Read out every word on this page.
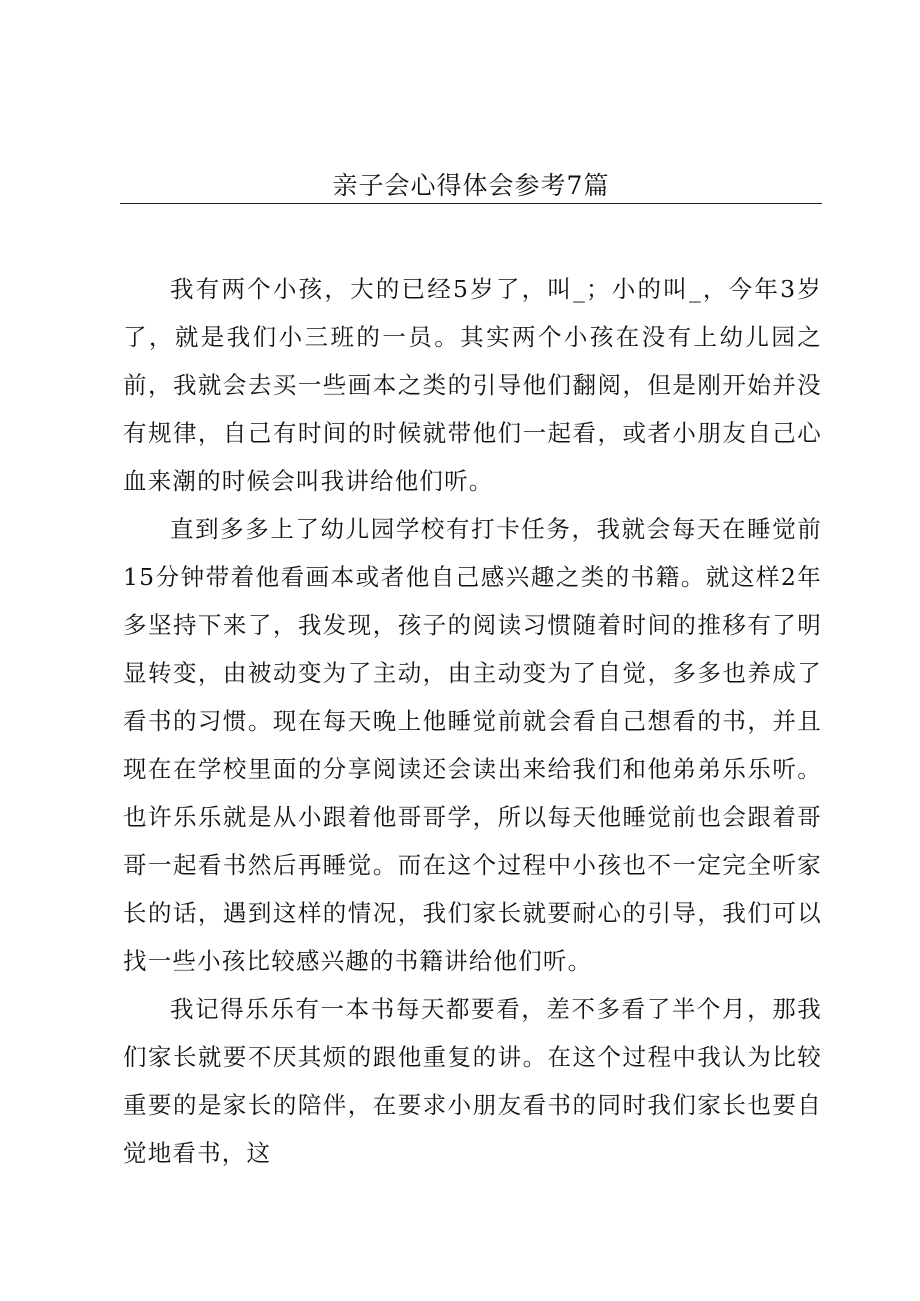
亲子会心得体会参考7篇

我有两个小孩，大的已经5岁了，叫_；小的叫_，今年3岁了，就是我们小三班的一员。其实两个小孩在没有上幼儿园之前，我就会去买一些画本之类的引导他们翻阅，但是刚开始并没有规律，自己有时间的时候就带他们一起看，或者小朋友自己心血来潮的时候会叫我讲给他们听。

直到多多上了幼儿园学校有打卡任务，我就会每天在睡觉前15分钟带着他看画本或者他自己感兴趣之类的书籍。就这样2年多坚持下来了，我发现，孩子的阅读习惯随着时间的推移有了明显转变，由被动变为了主动，由主动变为了自觉，多多也养成了看书的习惯。现在每天晚上他睡觉前就会看自己想看的书，并且现在在学校里面的分享阅读还会读出来给我们和他弟弟乐乐听。也许乐乐就是从小跟着他哥哥学，所以每天他睡觉前也会跟着哥哥一起看书然后再睡觉。而在这个过程中小孩也不一定完全听家长的话，遇到这样的情况，我们家长就要耐心的引导，我们可以找一些小孩比较感兴趣的书籍讲给他们听。

我记得乐乐有一本书每天都要看，差不多看了半个月，那我们家长就要不厌其烦的跟他重复的讲。在这个过程中我认为比较重要的是家长的陪伴，在要求小朋友看书的同时我们家长也要自觉地看书，这
